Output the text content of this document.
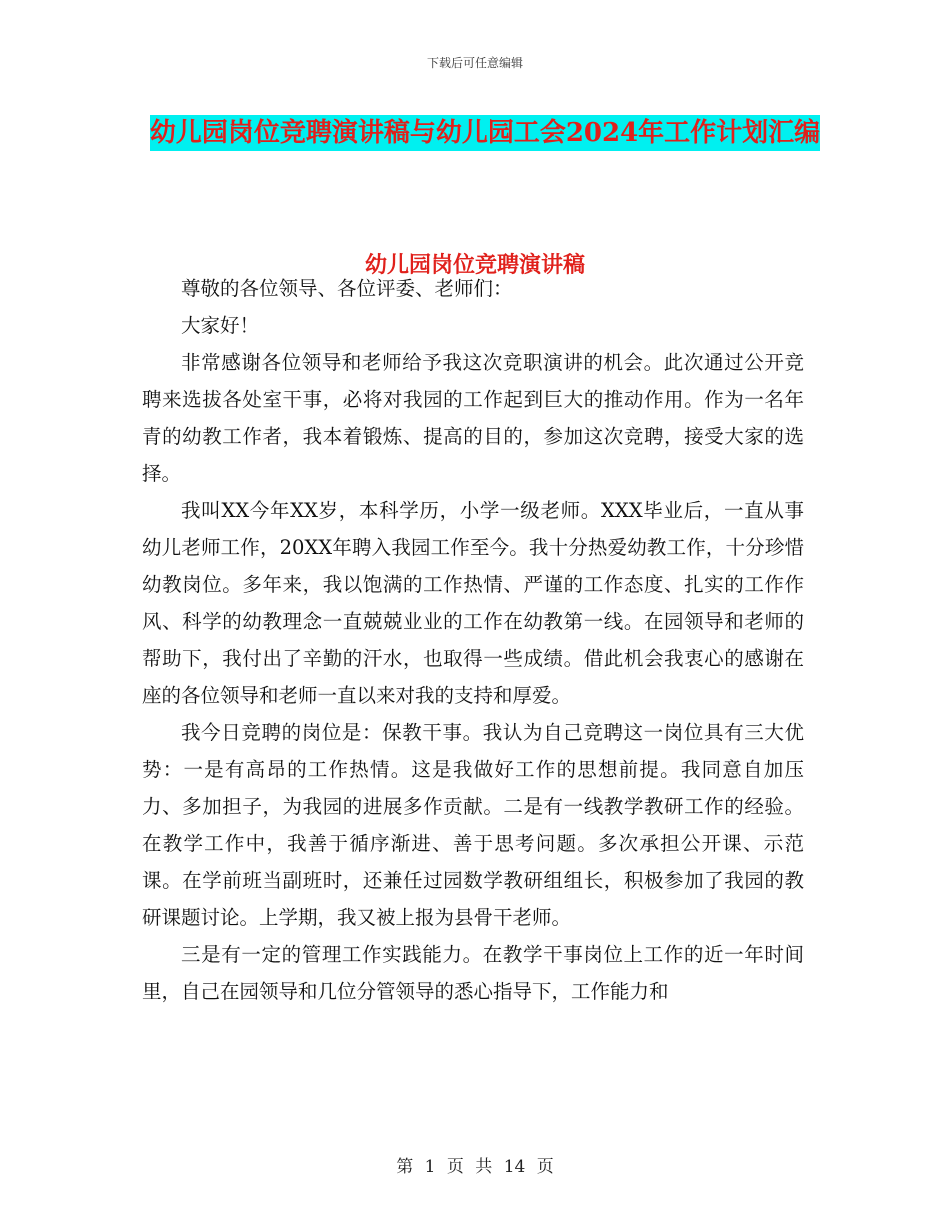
下载后可任意编辑
幼儿园岗位竞聘演讲稿与幼儿园工会2024年工作计划汇编
幼儿园岗位竞聘演讲稿

尊敬的各位领导、各位评委、老师们：

大家好！

非常感谢各位领导和老师给予我这次竞职演讲的机会。此次通过公开竞聘来选拔各处室干事，必将对我园的工作起到巨大的推动作用。作为一名年青的幼教工作者，我本着锻炼、提高的目的，参加这次竞聘，接受大家的选择。

我叫XX今年XX岁，本科学历，小学一级老师。XXX毕业后，一直从事幼儿老师工作，20XX年聘入我园工作至今。我十分热爱幼教工作，十分珍惜幼教岗位。多年来，我以饱满的工作热情、严谨的工作态度、扎实的工作作风、科学的幼教理念一直兢兢业业的工作在幼教第一线。在园领导和老师的帮助下，我付出了辛勤的汗水，也取得一些成绩。借此机会我衷心的感谢在座的各位领导和老师一直以来对我的支持和厚爱。

我今日竞聘的岗位是：保教干事。我认为自己竞聘这一岗位具有三大优势：一是有高昂的工作热情。这是我做好工作的思想前提。我同意自加压力、多加担子，为我园的进展多作贡献。二是有一线教学教研工作的经验。在教学工作中，我善于循序渐进、善于思考问题。多次承担公开课、示范课。在学前班当副班时，还兼任过园数学教研组组长，积极参加了我园的教研课题讨论。上学期，我又被上报为县骨干老师。

三是有一定的管理工作实践能力。在教学干事岗位上工作的近一年时间里，自己在园领导和几位分管领导的悉心指导下，工作能力和

第 1 页 共 14 页
